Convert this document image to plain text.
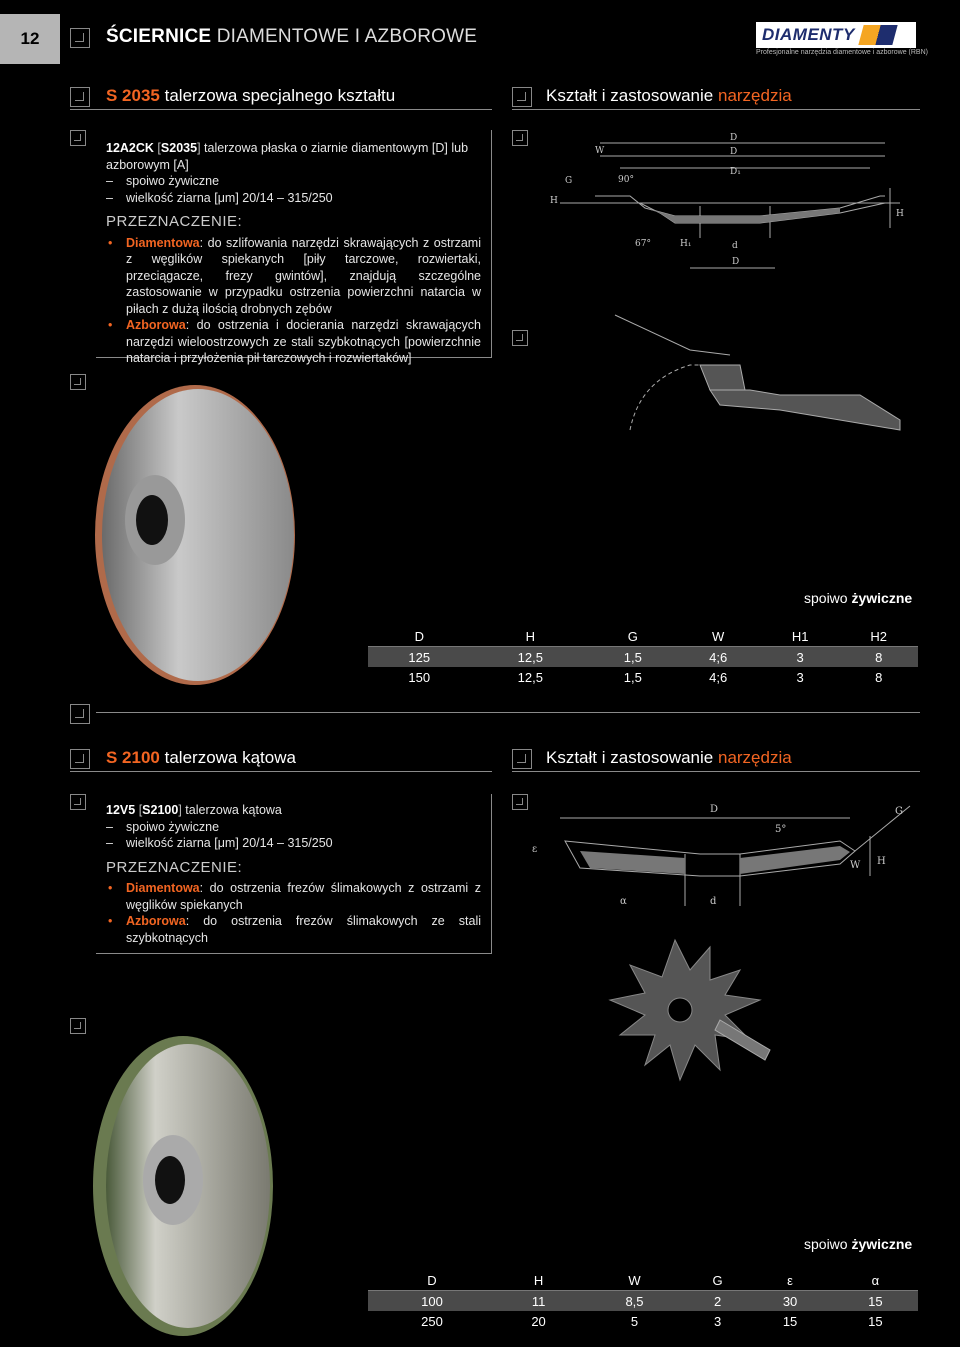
12	ŚCIERNICE DIAMENTOWE I AZBOROWE	DIAMENTY
Profesjonalne narzędzia diamentowe i azborowe (RBN)
S 2035 talerzowa specjalnego kształtu	Kształt i zastosowanie narzędzia
12A2CK [S2035] talerzowa płaska o ziarnie diamentowym [D] lub azborowym [A]
– spoiwo żywiczne
– wielkość ziarna [μm] 20/14 – 315/250
PRZEZNACZENIE:
• Diamentowa: do szlifowania narzędzi skrawających z ostrzami z węglików spiekanych [piły tarczowe, rozwiertaki, przeciągacze, frezy gwintów], znajdują szczególne zastosowanie w przypadku ostrzenia powierzchni natarcia w piłach z dużą ilością drobnych zębów
• Azborowa: do ostrzenia i docierania narzędzi skrawających narzędzi wieloostrzowych ze stali szybkotnących [powierzchnie natarcia i przyłożenia pił tarczowych i rozwiertaków]
D
D
D₁
90°
67°
H
G
W
H₁	d
D
H
spoiwo żywiczne
D	H	G	W	H1	H2
125	12,5	1,5	4;6	3	8
150	12,5	1,5	4;6	3	8
S 2100 talerzowa kątowa	Kształt i zastosowanie narzędzia
12V5 [S2100] talerzowa kątowa
– spoiwo żywiczne
– wielkość ziarna [μm] 20/14 – 315/250
PRZEZNACZENIE:
• Diamentowa: do ostrzenia frezów ślimakowych z ostrzami z węglików spiekanych
• Azborowa: do ostrzenia frezów ślimakowych ze stali szybkotnących
D
5°
G
H
W
ε
α	d
spoiwo żywiczne
D	H	W	G	ε	α
100	11	8,5	2	30	15
250	20	5	3	15	15
